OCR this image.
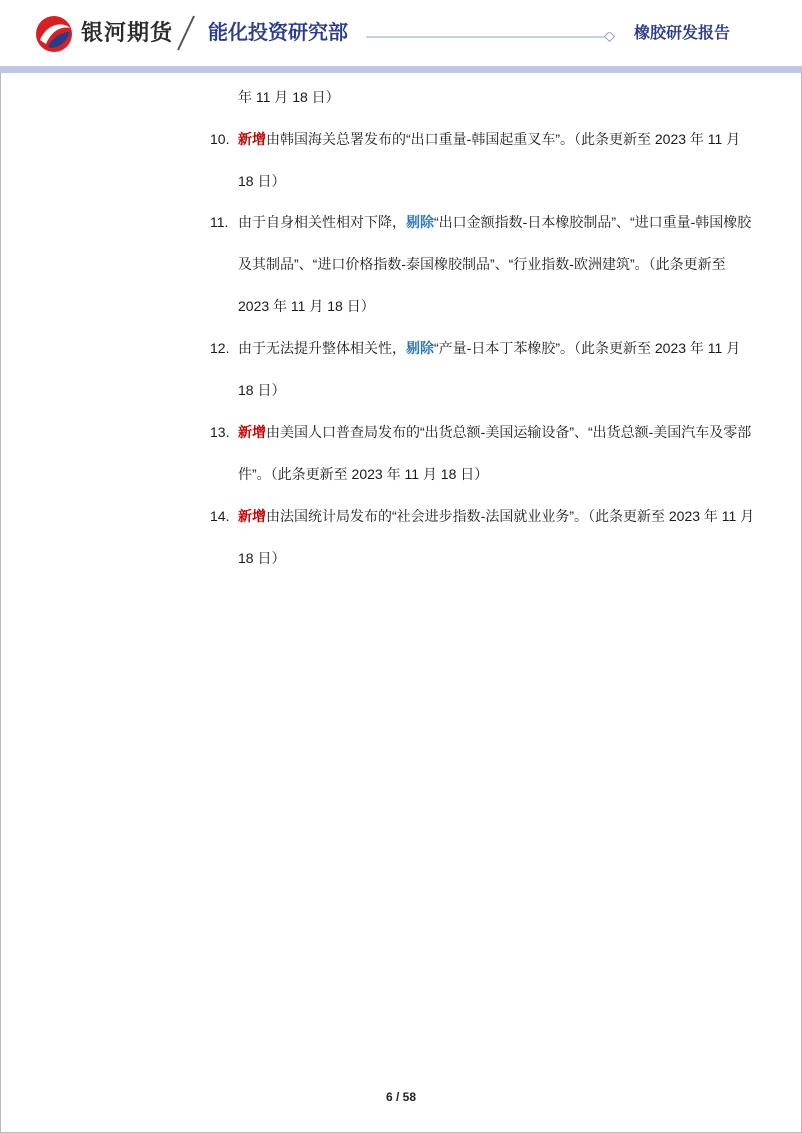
银河期货 能化投资研究部	橡胶研发报告
年 11 月 18 日）
10. 新增由韩国海关总署发布的“出口重量-韩国起重叉车”。（此条更新至 2023 年 11 月
18 日）
11. 由于自身相关性相对下降，剔除“出口金额指数-日本橡胶制品”、“进口重量-韩国橡胶
及其制品”、“进口价格指数-泰国橡胶制品”、“行业指数-欧洲建筑”。（此条更新至
2023 年 11 月 18 日）
12. 由于无法提升整体相关性，剔除“产量-日本丁苯橡胶”。（此条更新至 2023 年 11 月
18 日）
13. 新增由美国人口普查局发布的“出货总额-美国运输设备”、“出货总额-美国汽车及零部
件”。（此条更新至 2023 年 11 月 18 日）
14. 新增由法国统计局发布的“社会进步指数-法国就业业务”。（此条更新至 2023 年 11 月
18 日）
6 / 58
